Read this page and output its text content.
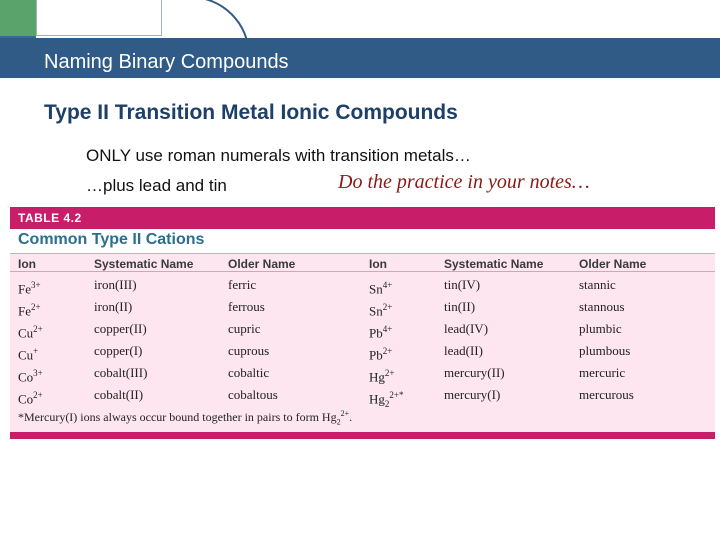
Naming Binary Compounds
Type II Transition Metal Ionic Compounds
ONLY use roman numerals with transition metals…
…plus lead and tin	Do the practice in your notes…
TABLE 4.2
Common Type II Cations
Ion	Systematic Name	Older Name	Ion	Systematic Name	Older Name
$Fe^{3+}$	iron(III)	ferric	$Sn^{4+}$	tin(IV)	stannic
$Fe^{2+}$	iron(II)	ferrous	$Sn^{2+}$	tin(II)	stannous
$Cu^{2+}$	copper(II)	cupric	$Pb^{4+}$	lead(IV)	plumbic
Cu+	copper(I)	cuprous	$Pb^{2+}$	lead(II)	plumbous
$Co^{3+}$	cobalt(III)	cobaltic	$Hg^{2+}$	mercury(II)	mercuric
$Co^{2+}$	cobalt(II)	cobaltous	$Hg_2^{2+*}$	mercury(I)	mercurous
*Mercury(I) ions always occur bound together in pairs to form $Hg_2^{2+}$.
